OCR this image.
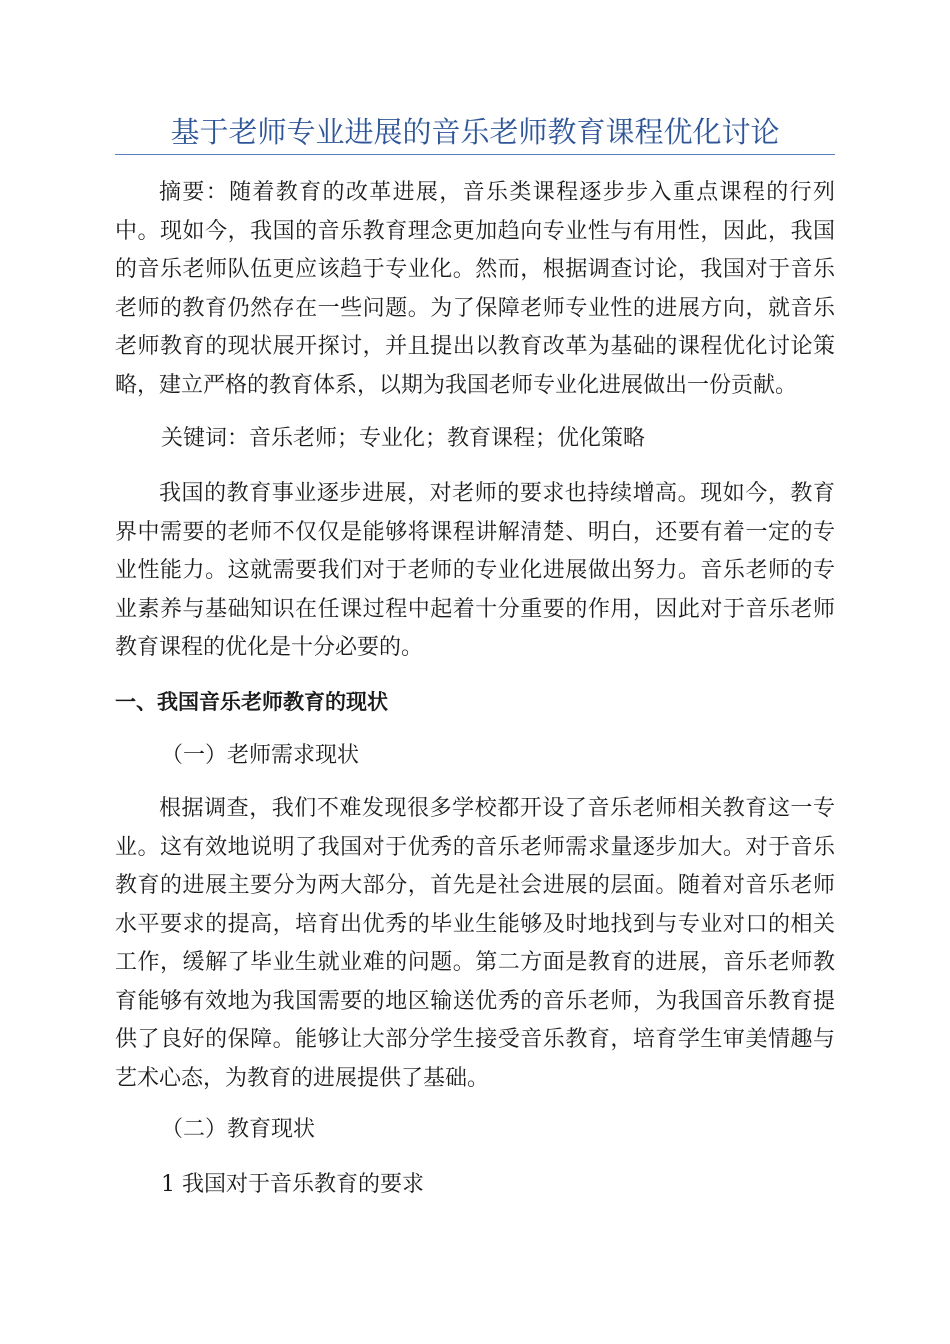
基于老师专业进展的音乐老师教育课程优化讨论

摘要：随着教育的改革进展，音乐类课程逐步步入重点课程的行列中。现如今，我国的音乐教育理念更加趋向专业性与有用性，因此，我国的音乐老师队伍更应该趋于专业化。然而，根据调查讨论，我国对于音乐老师的教育仍然存在一些问题。为了保障老师专业性的进展方向，就音乐老师教育的现状展开探讨，并且提出以教育改革为基础的课程优化讨论策略，建立严格的教育体系，以期为我国老师专业化进展做出一份贡献。

关键词：音乐老师；专业化；教育课程；优化策略

我国的教育事业逐步进展，对老师的要求也持续增高。现如今，教育界中需要的老师不仅仅是能够将课程讲解清楚、明白，还要有着一定的专业性能力。这就需要我们对于老师的专业化进展做出努力。音乐老师的专业素养与基础知识在任课过程中起着十分重要的作用，因此对于音乐老师教育课程的优化是十分必要的。

一、我国音乐老师教育的现状

（一）老师需求现状

根据调查，我们不难发现很多学校都开设了音乐老师相关教育这一专业。这有效地说明了我国对于优秀的音乐老师需求量逐步加大。对于音乐教育的进展主要分为两大部分，首先是社会进展的层面。随着对音乐老师水平要求的提高，培育出优秀的毕业生能够及时地找到与专业对口的相关工作，缓解了毕业生就业难的问题。第二方面是教育的进展，音乐老师教育能够有效地为我国需要的地区输送优秀的音乐老师，为我国音乐教育提供了良好的保障。能够让大部分学生接受音乐教育，培育学生审美情趣与艺术心态，为教育的进展提供了基础。

（二）教育现状

1 我国对于音乐教育的要求
